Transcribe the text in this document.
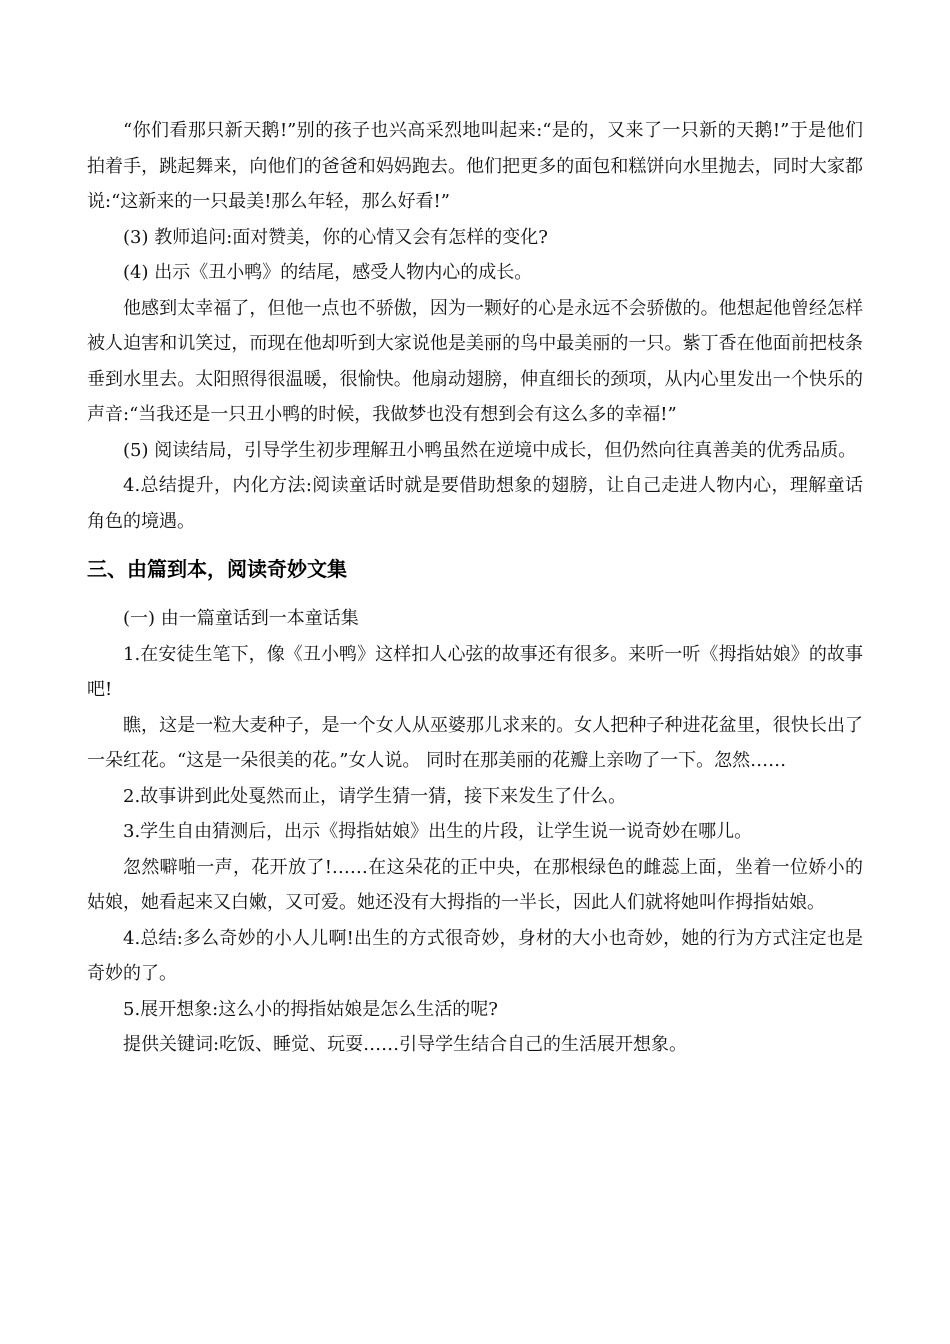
“你们看那只新天鹅!”别的孩子也兴高采烈地叫起来:“是的，又来了一只新的天鹅!”于是他们拍着手，跳起舞来，向他们的爸爸和妈妈跑去。他们把更多的面包和糕饼向水里抛去，同时大家都说:“这新来的一只最美!那么年轻，那么好看!”

(3) 教师追问:面对赞美，你的心情又会有怎样的变化?

(4) 出示《丑小鸭》的结尾，感受人物内心的成长。

他感到太幸福了，但他一点也不骄傲，因为一颗好的心是永远不会骄傲的。他想起他曾经怎样被人迫害和讥笑过，而现在他却听到大家说他是美丽的鸟中最美丽的一只。紫丁香在他面前把枝条垂到水里去。太阳照得很温暖，很愉快。他扇动翅膀，伸直细长的颈项，从内心里发出一个快乐的声音:“当我还是一只丑小鸭的时候，我做梦也没有想到会有这么多的幸福!”

(5) 阅读结局，引导学生初步理解丑小鸭虽然在逆境中成长，但仍然向往真善美的优秀品质。

4.总结提升，内化方法:阅读童话时就是要借助想象的翅膀，让自己走进人物内心，理解童话角色的境遇。

三、由篇到本，阅读奇妙文集

(一) 由一篇童话到一本童话集

1.在安徒生笔下，像《丑小鸭》这样扣人心弦的故事还有很多。来听一听《拇指姑娘》的故事吧!

瞧，这是一粒大麦种子，是一个女人从巫婆那儿求来的。女人把种子种进花盆里，很快长出了一朵红花。“这是一朵很美的花。”女人说。 同时在那美丽的花瓣上亲吻了一下。忽然……

2.故事讲到此处戛然而止，请学生猜一猜，接下来发生了什么。

3.学生自由猜测后，出示《拇指姑娘》出生的片段，让学生说一说奇妙在哪儿。

忽然噼啪一声，花开放了!……在这朵花的正中央，在那根绿色的雌蕊上面，坐着一位娇小的姑娘，她看起来又白嫩，又可爱。她还没有大拇指的一半长，因此人们就将她叫作拇指姑娘。

4.总结:多么奇妙的小人儿啊!出生的方式很奇妙，身材的大小也奇妙，她的行为方式注定也是奇妙的了。

5.展开想象:这么小的拇指姑娘是怎么生活的呢?

提供关键词:吃饭、睡觉、玩耍……引导学生结合自己的生活展开想象。
